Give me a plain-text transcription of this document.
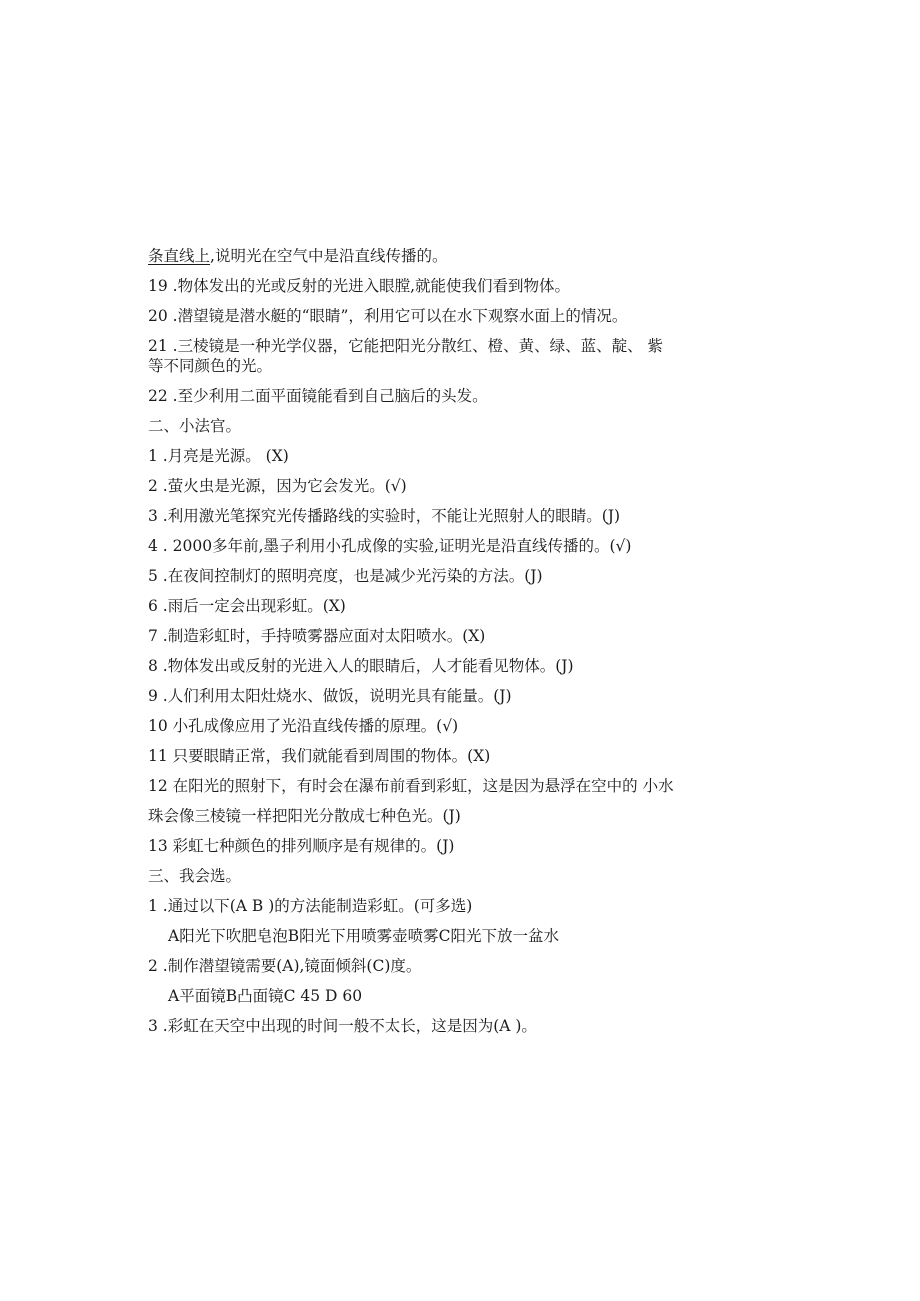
条直线上,说明光在空气中是沿直线传播的。

19 .物体发出的光或反射的光进入眼膛,就能使我们看到物体。

20 .潜望镜是潜水艇的“眼睛”，利用它可以在水下观察水面上的情况。

21 .三棱镜是一种光学仪器，它能把阳光分散红、橙、黄、绿、蓝、靛、 紫

等不同颜色的光。

22 .至少利用二面平面镜能看到自己脑后的头发。

二、小法官。

1 .月亮是光源。 (X)

2 .萤火虫是光源，因为它会发光。(√)

3 .利用激光笔探究光传播路线的实验时，不能让光照射人的眼睛。(J)

4 . 2000多年前,墨子利用小孔成像的实验,证明光是沿直线传播的。(√)

5 .在夜间控制灯的照明亮度，也是减少光污染的方法。(J)

6 .雨后一定会出现彩虹。(X)

7 .制造彩虹时，手持喷雾器应面对太阳喷水。(X)

8 .物体发出或反射的光进入人的眼睛后，人才能看见物体。(J)

9 .人们利用太阳灶烧水、做饭，说明光具有能量。(J)

10 小孔成像应用了光沿直线传播的原理。(√)

11 只要眼睛正常，我们就能看到周围的物体。(X)

12 在阳光的照射下，有时会在瀑布前看到彩虹，这是因为悬浮在空中的 小水

珠会像三棱镜一样把阳光分散成七种色光。(J)

13 彩虹七种颜色的排列顺序是有规律的。(J)

三、我会选。

1 .通过以下(A B )的方法能制造彩虹。(可多选)

A阳光下吹肥皂泡B阳光下用喷雾壶喷雾C阳光下放一盆水

2 .制作潜望镜需要(A),镜面倾斜(C)度。

A平面镜B凸面镜C 45 D 60

3 .彩虹在天空中出现的时间一般不太长，这是因为(A )。
